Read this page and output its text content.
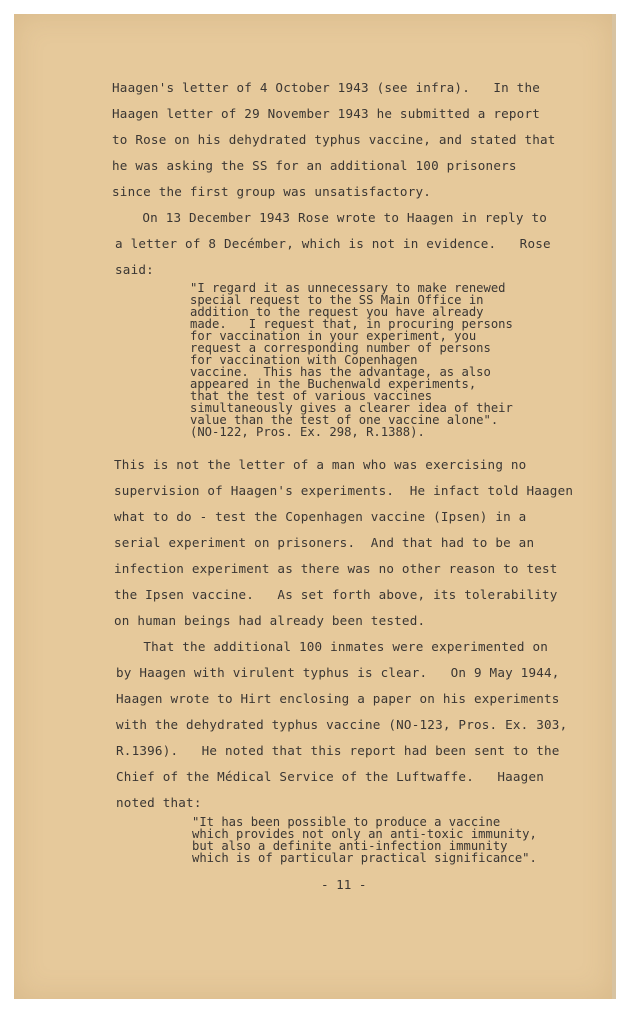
Haagen's letter of 4 October 1943 (see infra).   In the
Haagen letter of 29 November 1943 he submitted a report
to Rose on his dehydrated typhus vaccine, and stated that
he was asking the SS for an additional 100 prisoners
since the first group was unsatisfactory.
On 13 December 1943 Rose wrote to Haagen in reply to
a letter of 8 Decémber, which is not in evidence.   Rose
said:
"I regard it as unnecessary to make renewed
special request to the SS Main Office in
addition to the request you have already
made.   I request that, in procuring persons
for vaccination in your experiment, you
request a corresponding number of persons
for vaccination with Copenhagen
vaccine.  This has the advantage, as also
appeared in the Buchenwald experiments,
that the test of various vaccines
simultaneously gives a clearer idea of their
value than the test of one vaccine alone".
(NO-122, Pros. Ex. 298, R.1388).
This is not the letter of a man who was exercising no
supervision of Haagen's experiments.  He infact told Haagen
what to do - test the Copenhagen vaccine (Ipsen) in a
serial experiment on prisoners.  And that had to be an
infection experiment as there was no other reason to test
the Ipsen vaccine.   As set forth above, its tolerability
on human beings had already been tested.
That the additional 100 inmates were experimented on
by Haagen with virulent typhus is clear.   On 9 May 1944,
Haagen wrote to Hirt enclosing a paper on his experiments
with the dehydrated typhus vaccine (NO-123, Pros. Ex. 303,
R.1396).   He noted that this report had been sent to the
Chief of the Médical Service of the Luftwaffe.   Haagen
noted that:
"It has been possible to produce a vaccine
which provides not only an anti-toxic immunity,
but also a definite anti-infection immunity
which is of particular practical significance".
- 11 -
